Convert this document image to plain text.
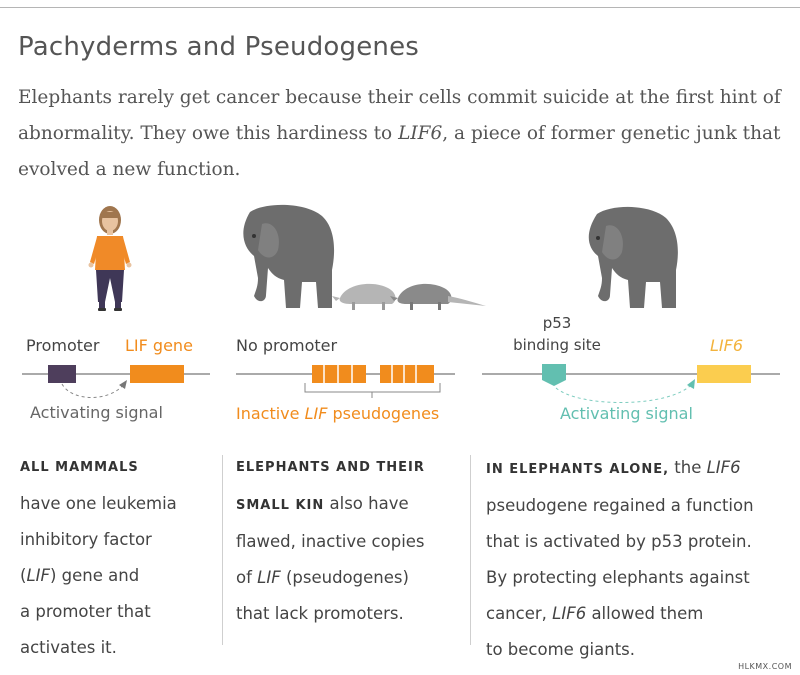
Pachyderms and Pseudogenes

Elephants rarely get cancer because their cells commit suicide at the first hint of abnormality. They owe this hardiness to LIF6, a piece of former genetic junk that evolved a new function.

Promoter LIF gene
Activating signal
No promoter
Inactive LIF pseudogenes
p53
binding site	LIF6
Activating signal

ALL MAMMALS

have one leukemia

inhibitory factor

(LIF) gene and

a promoter that

activates it.

ELEPHANTS AND THEIR

SMALL KIN also have

flawed, inactive copies

of LIF (pseudogenes)

that lack promoters.

IN ELEPHANTS ALONE, the LIF6

pseudogene regained a function

that is activated by p53 protein.

By protecting elephants against

cancer, LIF6 allowed them

to become giants.

HLKMX.COM
